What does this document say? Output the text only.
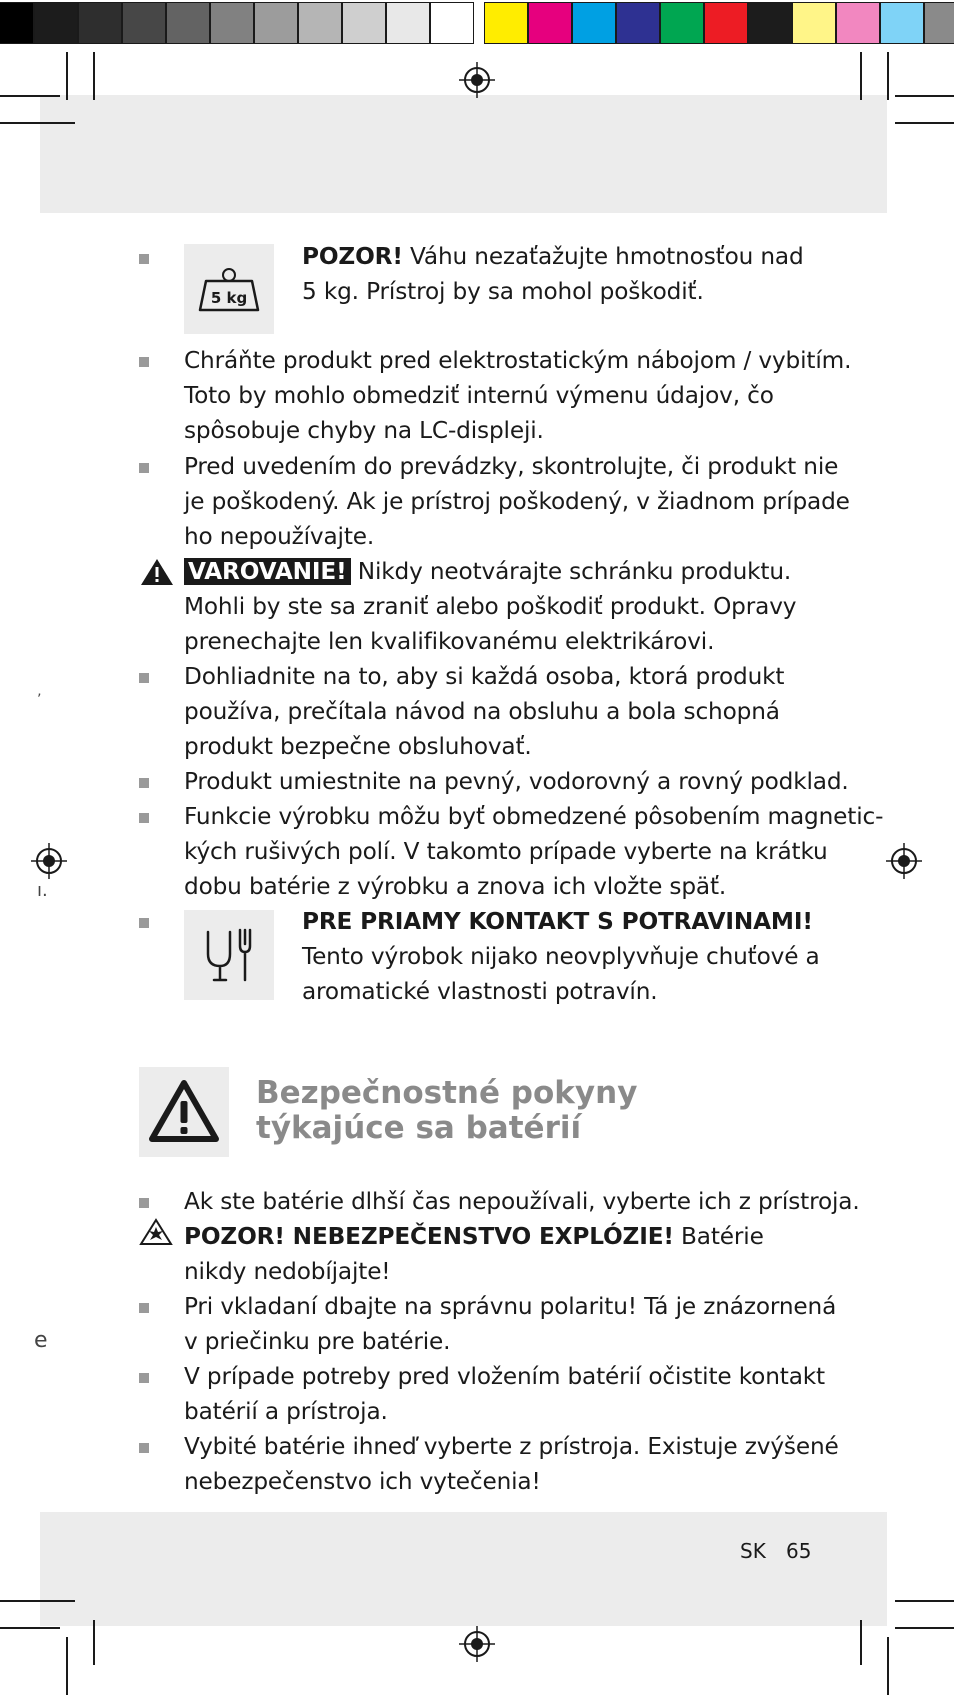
’
ı.
e
5 kg
POZOR! Váhu nezaťažujte hmotnosťou nad
5 kg. Prístroj by sa mohol poškodiť.
Chráňte produkt pred elektrostatickým nábojom / vybitím.
Toto by mohlo obmedziť internú výmenu údajov, čo
spôsobuje chyby na LC-displeji.
Pred uvedením do prevádzky, skontrolujte, či produkt nie
je poškodený. Ak je prístroj poškodený, v žiadnom prípade
ho nepoužívajte.
VAROVANIE! Nikdy neotvárajte schránku produktu.
Mohli by ste sa zraniť alebo poškodiť produkt. Opravy
prenechajte len kvalifikovanému elektrikárovi.
Dohliadnite na to, aby si každá osoba, ktorá produkt
používa, prečítala návod na obsluhu a bola schopná
produkt bezpečne obsluhovať.
Produkt umiestnite na pevný, vodorovný a rovný podklad.
Funkcie výrobku môžu byť obmedzené pôsobením magnetic-
kých rušivých polí. V takomto prípade vyberte na krátku
dobu batérie z výrobku a znova ich vložte späť.
PRE PRIAMY KONTAKT S POTRAVINAMI!
Tento výrobok nijako neovplyvňuje chuťové a
aromatické vlastnosti potravín.
Bezpečnostné pokyny
týkajúce sa batérií
Ak ste batérie dlhší čas nepoužívali, vyberte ich z prístroja.
POZOR! NEBEZPEČENSTVO EXPLÓZIE! Batérie
nikdy nedobíjajte!
Pri vkladaní dbajte na správnu polaritu! Tá je znázornená
v priečinku pre batérie.
V prípade potreby pred vložením batérií očistite kontakt
batérií a prístroja.
Vybité batérie ihneď vyberte z prístroja. Existuje zvýšené
nebezpečenstvo ich vytečenia!
SK 65
